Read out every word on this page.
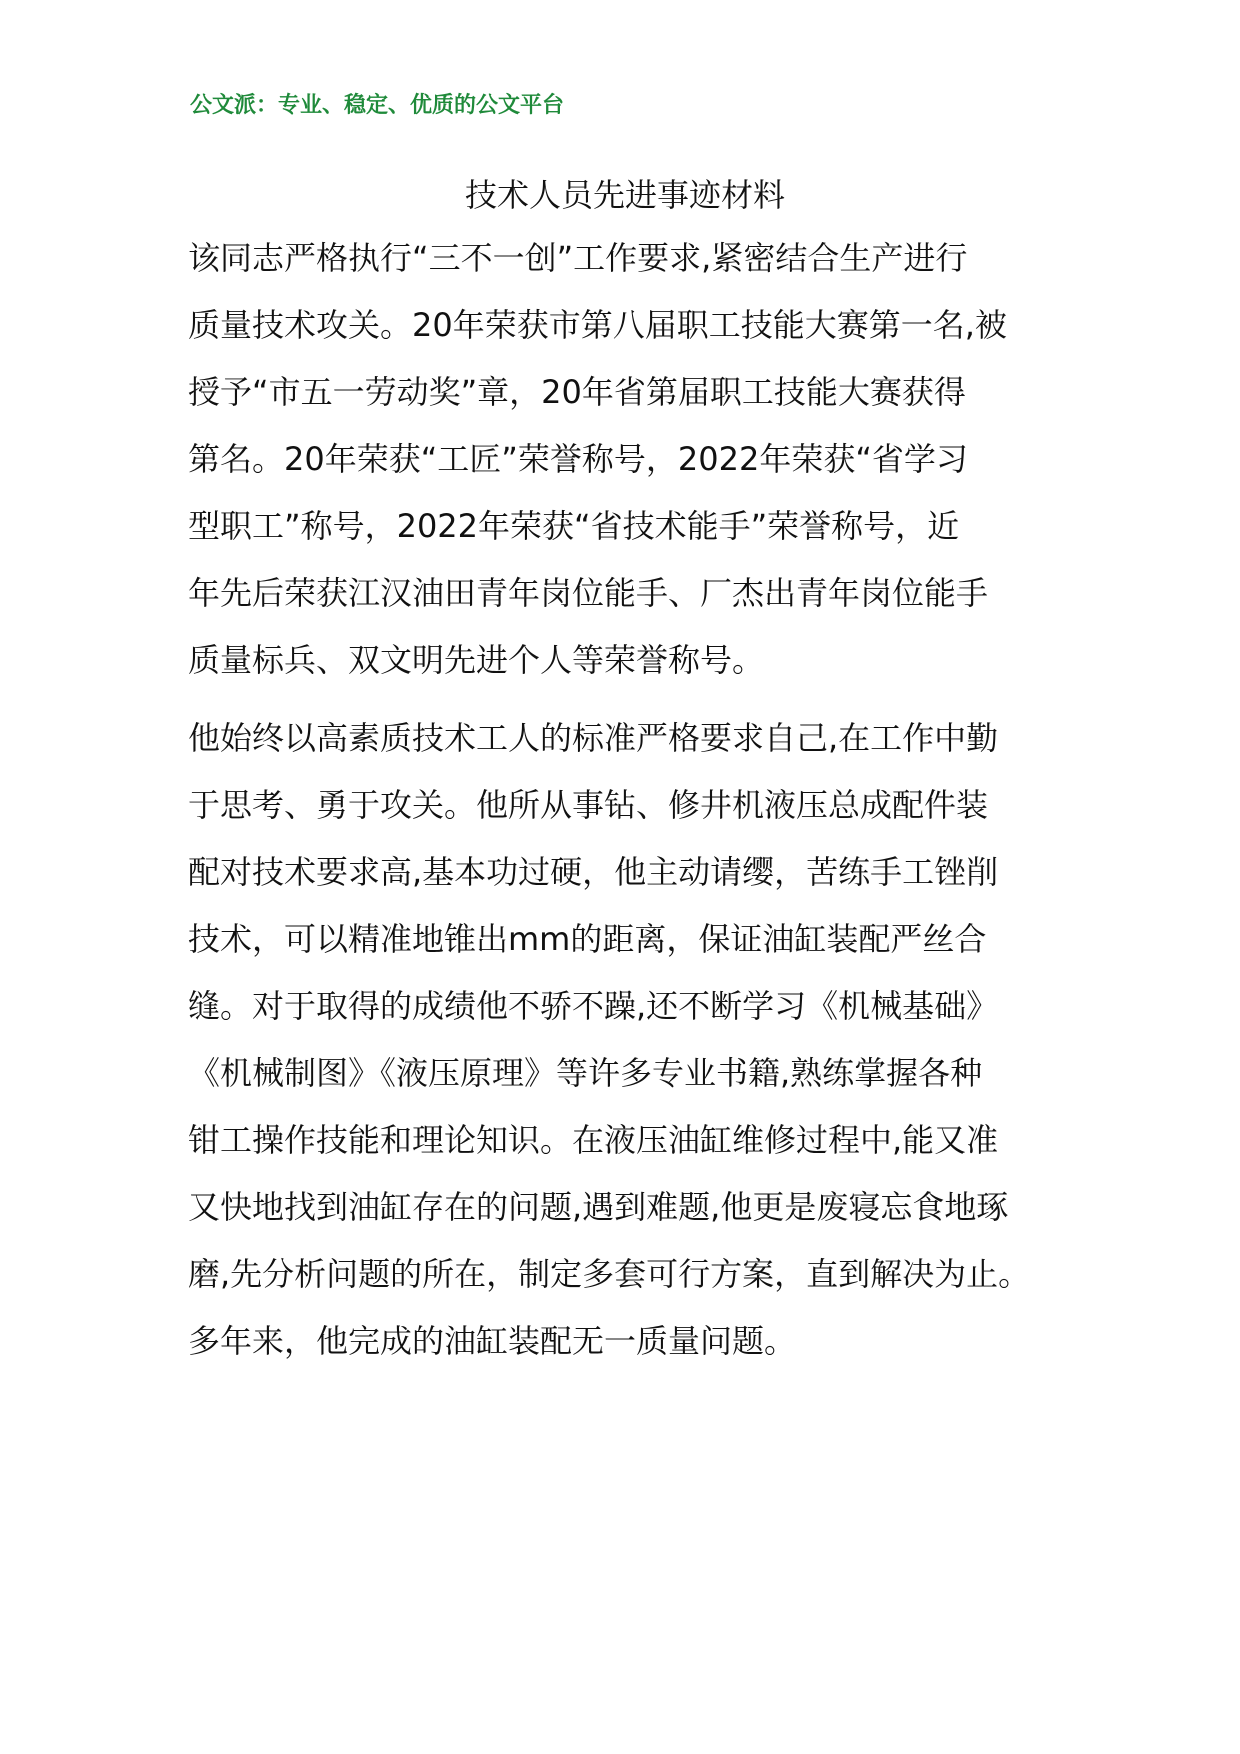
公文派：专业、稳定、优质的公文平台
技术人员先进事迹材料
该同志严格执行“三不一创”工作要求,紧密结合生产进行
质量技术攻关。20年荣获市第八届职工技能大赛第一名,被
授予“市五一劳动奖”章，20年省第届职工技能大赛获得
第名。20年荣获“工匠”荣誉称号，2022年荣获“省学习
型职工”称号，2022年荣获“省技术能手”荣誉称号，近
年先后荣获江汉油田青年岗位能手、厂杰出青年岗位能手
质量标兵、双文明先进个人等荣誉称号。
他始终以高素质技术工人的标准严格要求自己,在工作中勤
于思考、勇于攻关。他所从事钻、修井机液压总成配件装
配对技术要求高,基本功过硬，他主动请缨，苦练手工锉削
技术，可以精准地锥出mm的距离，保证油缸装配严丝合
缝。对于取得的成绩他不骄不躁,还不断学习《机械基础》
《机械制图》《液压原理》等许多专业书籍,熟练掌握各种
钳工操作技能和理论知识。在液压油缸维修过程中,能又准
又快地找到油缸存在的问题,遇到难题,他更是废寝忘食地琢
磨,先分析问题的所在，制定多套可行方案，直到解决为止。
多年来，他完成的油缸装配无一质量问题。
